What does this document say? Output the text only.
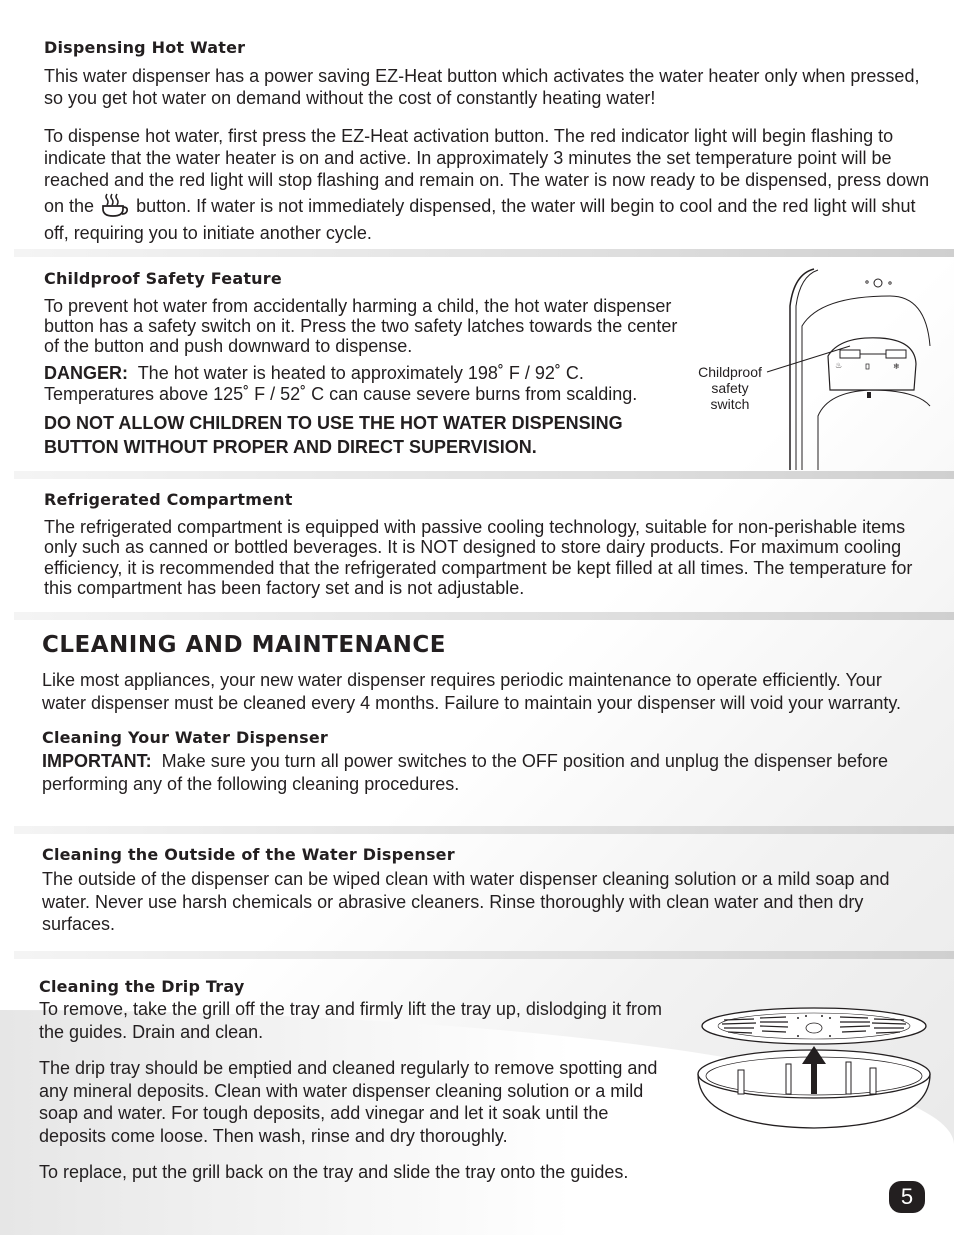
Dispensing Hot Water

This water dispenser has a power saving EZ-Heat button which activates the water heater only when pressed, so you get hot water on demand without the cost of constantly heating water!

To dispense hot water, first press the EZ-Heat activation button. The red indicator light will begin flashing to indicate that the water heater is on and active. In approximately 3 minutes the set temperature point will be reached and the red light will stop flashing and remain on. The water is now ready to be dispensed, press down on the button. If water is not immediately dispensed, the water will begin to cool and the red light will shut off, requiring you to initiate another cycle.

Childproof Safety Feature

To prevent hot water from accidentally harming a child, the hot water dispenser button has a safety switch on it. Press the two safety latches towards the center of the button and push downward to dispense.

DANGER: The hot water is heated to approximately 198˚ F / 92˚ C.
Temperatures above 125˚ F / 52˚ C can cause severe burns from scalding.

DO NOT ALLOW CHILDREN TO USE THE HOT WATER DISPENSING
BUTTON WITHOUT PROPER AND DIRECT SUPERVISION.

♨	❄
Childproof
safety
switch
Refrigerated Compartment

The refrigerated compartment is equipped with passive cooling technology, suitable for non-perishable items only such as canned or bottled beverages. It is NOT designed to store dairy products. For maximum cooling efficiency, it is recommended that the refrigerated compartment be kept filled at all times. The temperature for this compartment has been factory set and is not adjustable.

CLEANING AND MAINTENANCE

Like most appliances, your new water dispenser requires periodic maintenance to operate efficiently. Your water dispenser must be cleaned every 4 months. Failure to maintain your dispenser will void your warranty.

Cleaning Your Water Dispenser

IMPORTANT: Make sure you turn all power switches to the OFF position and unplug the dispenser before performing any of the following cleaning procedures.

Cleaning the Outside of the Water Dispenser

The outside of the dispenser can be wiped clean with water dispenser cleaning solution or a mild soap and water. Never use harsh chemicals or abrasive cleaners. Rinse thoroughly with clean water and then dry surfaces.

Cleaning the Drip Tray

To remove, take the grill off the tray and firmly lift the tray up, dislodging it from the guides. Drain and clean.

The drip tray should be emptied and cleaned regularly to remove spotting and any mineral deposits. Clean with water dispenser cleaning solution or a mild soap and water. For tough deposits, add vinegar and let it soak until the deposits come loose. Then wash, rinse and dry thoroughly.

To replace, put the grill back on the tray and slide the tray onto the guides.

5
